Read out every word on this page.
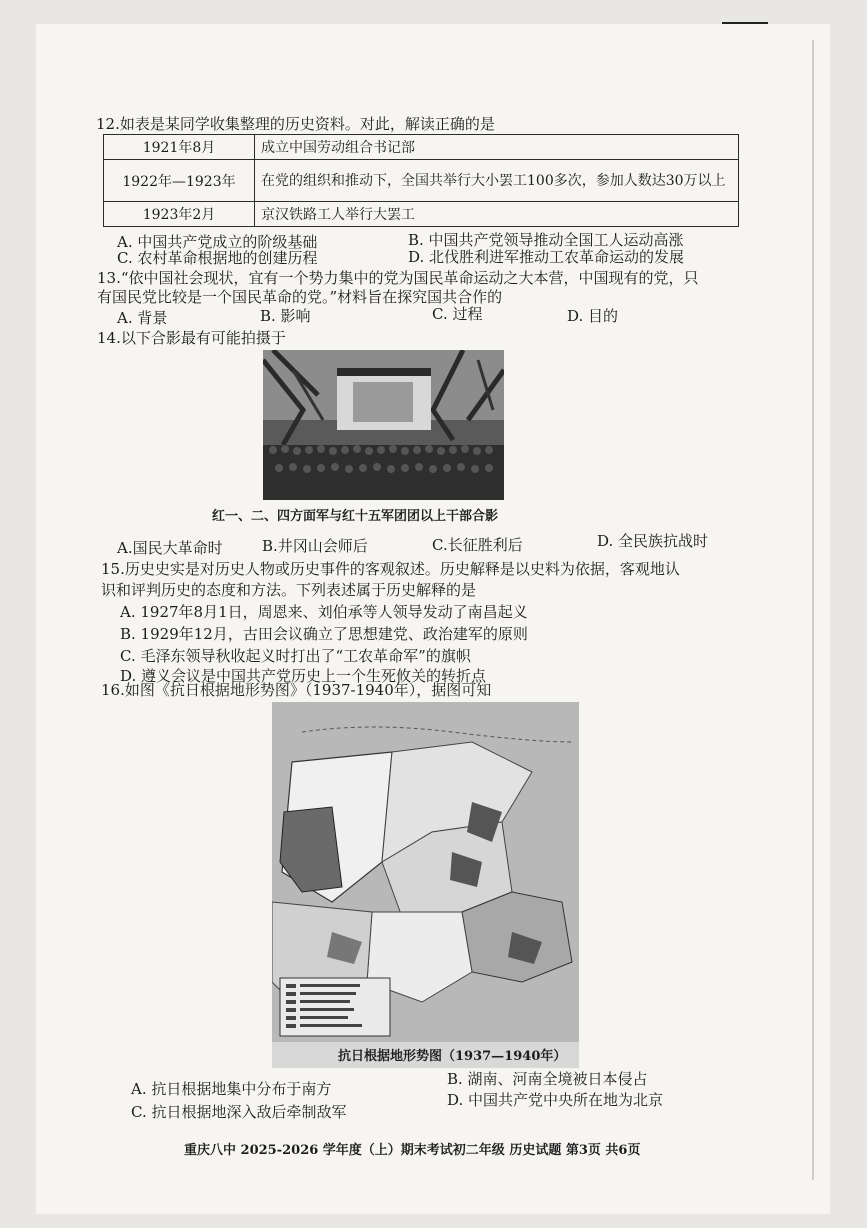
12.如表是某同学收集整理的历史资料。对此，解读正确的是
1921年8月	成立中国劳动组合书记部
1922年—1923年	在党的组织和推动下，全国共举行大小罢工100多次，参加人数达30万以上
1923年2月	京汉铁路工人举行大罢工
A. 中国共产党成立的阶级基础	B. 中国共产党领导推动全国工人运动高涨
C. 农村革命根据地的创建历程	D. 北伐胜利进军推动工农革命运动的发展
13.“依中国社会现状，宜有一个势力集中的党为国民革命运动之大本营，中国现有的党，只
有国民党比较是一个国民革命的党。”材料旨在探究国共合作的
A. 背景	B. 影响	C. 过程	D. 目的
14.以下合影最有可能拍摄于
红一、二、四方面军与红十五军团团以上干部合影
A.国民大革命时	B.井冈山会师后	C.长征胜利后	D. 全民族抗战时
15.历史史实是对历史人物或历史事件的客观叙述。历史解释是以史料为依据，客观地认
识和评判历史的态度和方法。下列表述属于历史解释的是
A. 1927年8月1日，周恩来、刘伯承等人领导发动了南昌起义
B. 1929年12月，古田会议确立了思想建党、政治建军的原则
C. 毛泽东领导秋收起义时打出了“工农革命军”的旗帜
D. 遵义会议是中国共产党历史上一个生死攸关的转折点
16.如图《抗日根据地形势图》（1937-1940年），据图可知
抗日根据地形势图（1937—1940年）
A. 抗日根据地集中分布于南方
B. 湖南、河南全境被日本侵占
C. 抗日根据地深入敌后牵制敌军
D. 中国共产党中央所在地为北京
重庆八中 2025-2026 学年度（上）期末考试初二年级 历史试题 第3页 共6页
